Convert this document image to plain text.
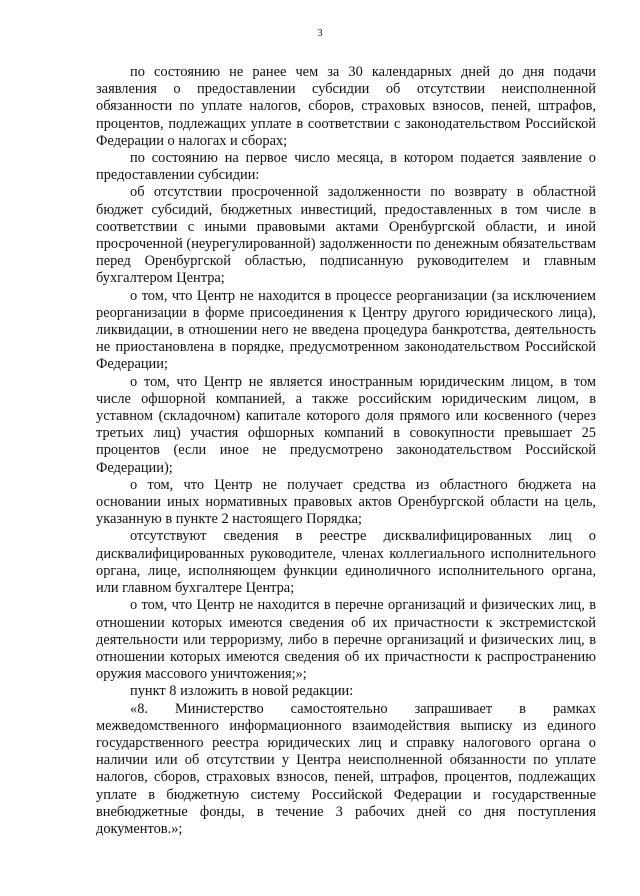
3

по состоянию не ранее чем за 30 календарных дней до дня подачи заявления о предоставлении субсидии об отсутствии неисполненной обязанности по уплате налогов, сборов, страховых взносов, пеней, штрафов, процентов, подлежащих уплате в соответствии с законодательством Российской Федерации о налогах и сборах;

по состоянию на первое число месяца, в котором подается заявление о предоставлении субсидии:

об отсутствии просроченной задолженности по возврату в областной бюджет субсидий, бюджетных инвестиций, предоставленных в том числе в соответствии с иными правовыми актами Оренбургской области, и иной просроченной (неурегулированной) задолженности по денежным обязательствам перед Оренбургской областью, подписанную руководителем и главным бухгалтером Центра;

о том, что Центр не находится в процессе реорганизации (за исключением реорганизации в форме присоединения к Центру другого юридического лица), ликвидации, в отношении него не введена процедура банкротства, деятельность не приостановлена в порядке, предусмотренном законодательством Российской Федерации;

о том, что Центр не является иностранным юридическим лицом, в том числе офшорной компанией, а также российским юридическим лицом, в уставном (складочном) капитале которого доля прямого или косвенного (через третьих лиц) участия офшорных компаний в совокупности превышает 25 процентов (если иное не предусмотрено законодательством Российской Федерации);

о том, что Центр не получает средства из областного бюджета на основании иных нормативных правовых актов Оренбургской области на цель, указанную в пункте 2 настоящего Порядка;

отсутствуют сведения в реестре дисквалифицированных лиц о дисквалифицированных руководителе, членах коллегиального исполнительного органа, лице, исполняющем функции единоличного исполнительного органа, или главном бухгалтере Центра;

о том, что Центр не находится в перечне организаций и физических лиц, в отношении которых имеются сведения об их причастности к экстремистской деятельности или терроризму, либо в перечне организаций и физических лиц, в отношении которых имеются сведения об их причастности к распространению оружия массового уничтожения;»;

пункт 8 изложить в новой редакции:

«8. Министерство самостоятельно запрашивает в рамках межведомственного информационного взаимодействия выписку из единого государственного реестра юридических лиц и справку налогового органа о наличии или об отсутствии у Центра неисполненной обязанности по уплате налогов, сборов, страховых взносов, пеней, штрафов, процентов, подлежащих уплате в бюджетную систему Российской Федерации и государственные внебюджетные фонды, в течение 3 рабочих дней со дня поступления документов.»;
